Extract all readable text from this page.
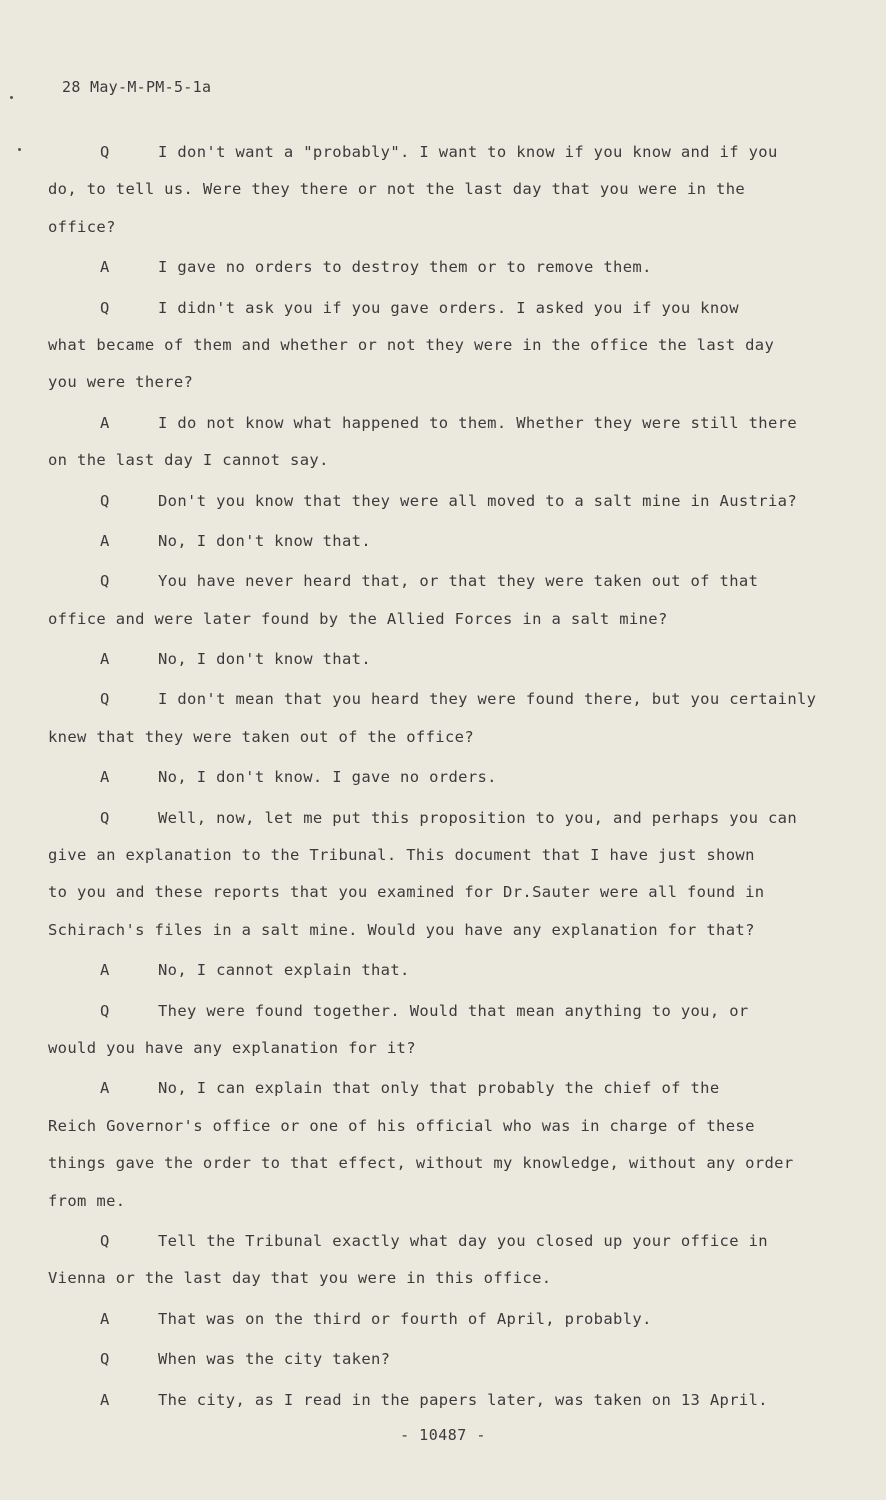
28 May-M-PM-5-1a
Q	I don't want a "probably". I want to know if you know and if you
do, to tell us. Were they there or not the last day that you were in the
office?
A	I gave no orders to destroy them or to remove them.
Q	I didn't ask you if you gave orders. I asked you if you know
what became of them and whether or not they were in the office the last day
you were there?
A	I do not know what happened to them. Whether they were still there
on the last day I cannot say.
Q	Don't you know that they were all moved to a salt mine in Austria?
A	No, I don't know that.
Q	You have never heard that, or that they were taken out of that
office and were later found by the Allied Forces in a salt mine?
A	No, I don't know that.
Q	I don't mean that you heard they were found there, but you certainly
knew that they were taken out of the office?
A	No, I don't know. I gave no orders.
Q	Well, now, let me put this proposition to you, and perhaps you can
give an explanation to the Tribunal. This document that I have just shown
to you and these reports that you examined for Dr.Sauter were all found in
Schirach's files in a salt mine. Would you have any explanation for that?
A	No, I cannot explain that.
Q	They were found together. Would that mean anything to you, or
would you have any explanation for it?
A	No, I can explain that only that probably the chief of the
Reich Governor's office or one of his official who was in charge of these
things gave the order to that effect, without my knowledge, without any order
from me.
Q	Tell the Tribunal exactly what day you closed up your office in
Vienna or the last day that you were in this office.
A	That was on the third or fourth of April, probably.
Q	When was the city taken?
A	The city, as I read in the papers later, was taken on 13 April.
- 10487 -
